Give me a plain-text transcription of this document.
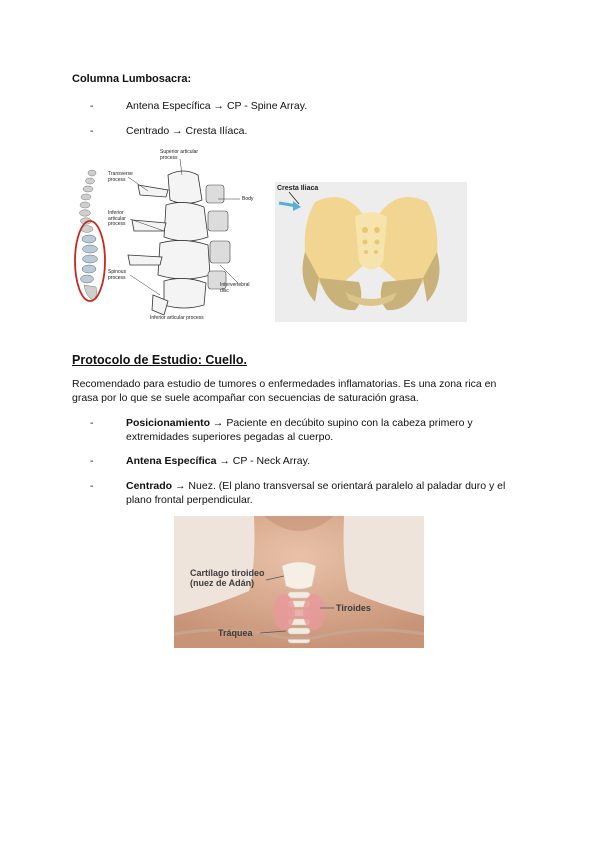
Columna Lumbosacra:
-	Antena Específica → CP - Spine Array.
-	Centrado → Cresta Ilíaca.
Superior articular
process
Transverse
process
Body
Inferior
articular
process
Spinous
process
Intervertebral
disc
Inferior articular process
Cresta Iliaca
Protocolo de Estudio: Cuello.
Recomendado para estudio de tumores o enfermedades inflamatorias. Es una zona rica en grasa por lo que se suele acompañar con secuencias de saturación grasa.
-	Posicionamiento → Paciente en decúbito supino con la cabeza primero y extremidades superiores pegadas al cuerpo.
-	Antena Específica → CP - Neck Array.
-	Centrado → Nuez. (El plano transversal se orientará paralelo al paladar duro y el plano frontal perpendicular.
Cartílago tiroideo
(nuez de Adán)
Tiroides
Tráquea
